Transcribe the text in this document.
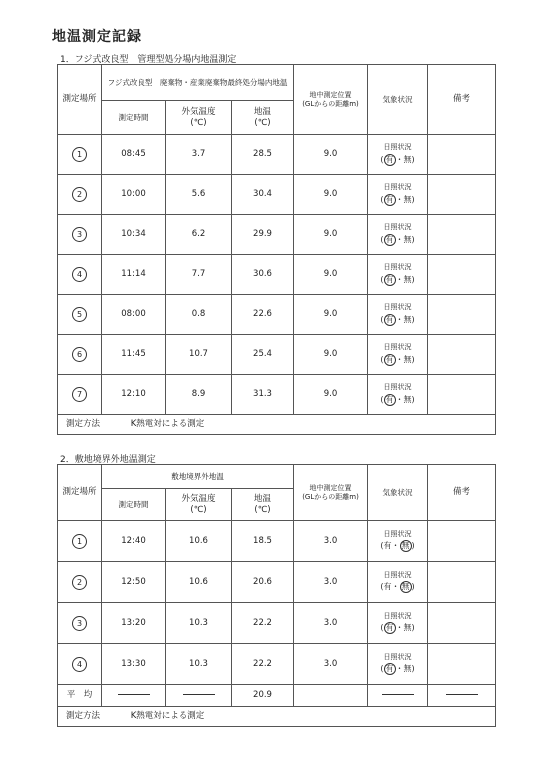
地温測定記録
1．フジ式改良型　管理型処分場内地温測定
測定場所	フジ式改良型　廃棄物・産業廃棄物最終処分場内地温			地中測定位置
(GLからの距離m)	気象状況	備考
	測定時間	外気温度
(℃)	地温
(℃)			
1	08:45	3.7	28.5	9.0	日照状況
( 有 ・無)	

2	10:00	5.6	30.4	9.0	日照状況
( 有 ・無)	

3	10:34	6.2	29.9	9.0	日照状況
( 有 ・無)	

4	11:14	7.7	30.6	9.0	日照状況
( 有 ・無)	

5	08:00	0.8	22.6	9.0	日照状況
( 有 ・無)	

6	11:45	10.7	25.4	9.0	日照状況
( 有 ・無)	

7	12:10	8.9	31.3	9.0	日照状況
( 有 ・無)	

測定方法 K熱電対による測定						
2．敷地境界外地温測定
測定場所	敷地境界外地温			地中測定位置
(GLからの距離m)	気象状況	備考
	測定時間	外気温度
(℃)	地温
(℃)			
1	12:40	10.6	18.5	3.0	日照状況
(有・ 無 )	

2	12:50	10.6	20.6	3.0	日照状況
(有・ 無 )	

3	13:20	10.3	22.2	3.0	日照状況
( 有 ・無)	

4	13:30	10.3	22.2	3.0	日照状況
( 有 ・無)	

平　均			20.9			
測定方法 K熱電対による測定						
